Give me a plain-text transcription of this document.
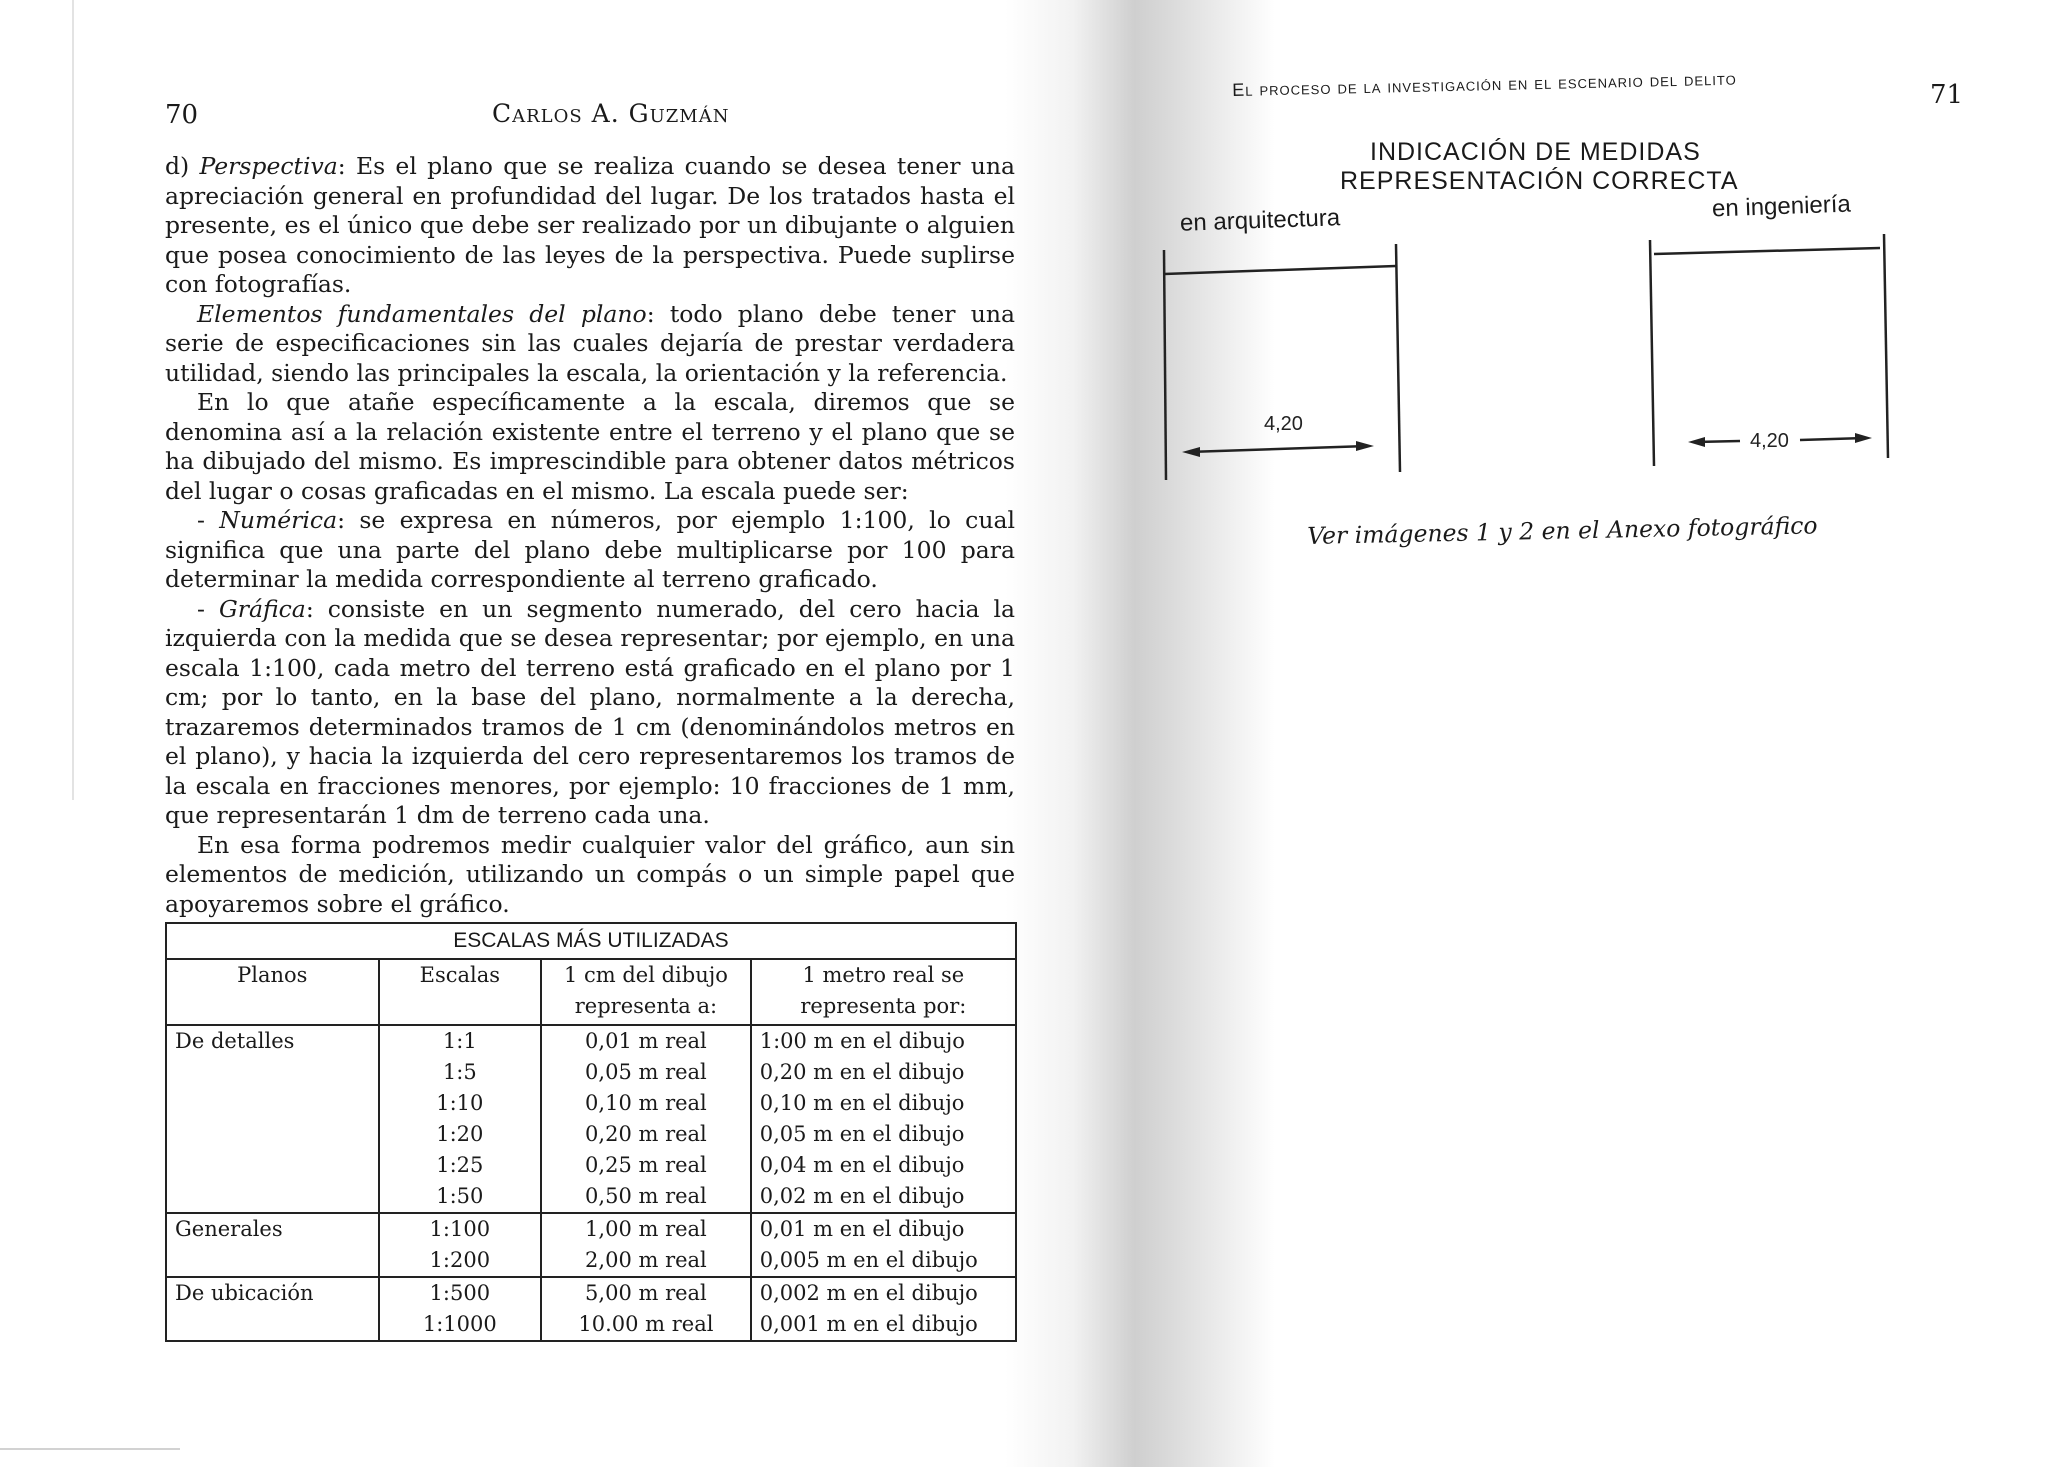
70	Carlos A. Guzmán

d) Perspectiva: Es el plano que se realiza cuando se desea tener una apreciación general en profundidad del lugar. De los tratados hasta el presente, es el único que debe ser realizado por un dibujante o alguien que posea conocimiento de las leyes de la perspectiva. Puede suplirse con fotografías.

Elementos fundamentales del plano: todo plano debe tener una serie de especificaciones sin las cuales dejaría de prestar verdadera utilidad, siendo las principales la escala, la orientación y la referencia.

En lo que atañe específicamente a la escala, diremos que se denomina así a la relación existente entre el terreno y el plano que se ha dibujado del mismo. Es imprescindible para obtener datos métricos del lugar o cosas graficadas en el mismo. La escala puede ser:

- Numérica: se expresa en números, por ejemplo 1:100, lo cual significa que una parte del plano debe multiplicarse por 100 para determinar la medida correspondiente al terreno graficado.

- Gráfica: consiste en un segmento numerado, del cero hacia la izquierda con la medida que se desea representar; por ejemplo, en una escala 1:100, cada metro del terreno está graficado en el plano por 1 cm; por lo tanto, en la base del plano, normalmente a la derecha, trazaremos determinados tramos de 1 cm (denominándolos metros en el plano), y hacia la izquierda del cero representaremos los tramos de la escala en fracciones menores, por ejemplo: 10 fracciones de 1 mm, que representarán 1 dm de terreno cada una.

En esa forma podremos medir cualquier valor del gráfico, aun sin elementos de medición, utilizando un compás o un simple papel que apoyaremos sobre el gráfico.

ESCALAS MÁS UTILIZADAS			
Planos	Escalas	1 cm del dibujo representa a:	1 metro real se representa por:
De detalles	1:1	0,01 m real	1:00 m en el dibujo
	1:5	0,05 m real	0,20 m en el dibujo
	1:10	0,10 m real	0,10 m en el dibujo
	1:20	0,20 m real	0,05 m en el dibujo
	1:25	0,25 m real	0,04 m en el dibujo
	1:50	0,50 m real	0,02 m en el dibujo
Generales	1:100	1,00 m real	0,01 m en el dibujo
	1:200	2,00 m real	0,005 m en el dibujo
De ubicación	1:500	5,00 m real	0,002 m en el dibujo
	1:1000	10.00 m real	0,001 m en el dibujo
El proceso de la investigación en el escenario del delito	71
INDICACIÓN DE MEDIDAS
REPRESENTACIÓN CORRECTA
en arquitectura	en ingeniería
4,20
4,20
Ver imágenes 1 y 2 en el Anexo fotográfico
